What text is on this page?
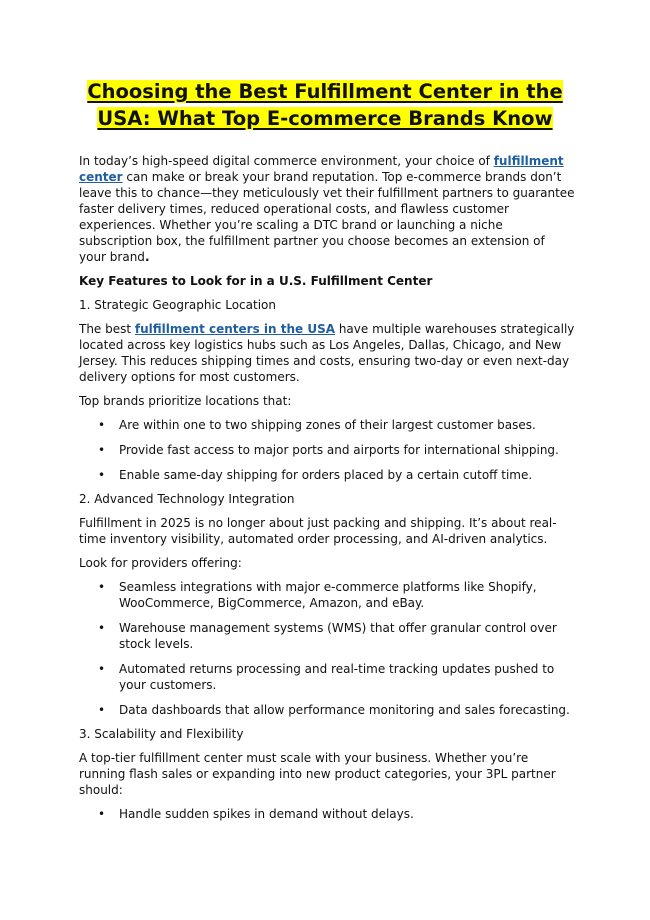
Choosing the Best Fulfillment Center in the USA: What Top E-commerce Brands Know

In today’s high-speed digital commerce environment, your choice of fulfillment center can make or break your brand reputation. Top e-commerce brands don’t leave this to chance—they meticulously vet their fulfillment partners to guarantee faster delivery times, reduced operational costs, and flawless customer experiences. Whether you’re scaling a DTC brand or launching a niche subscription box, the fulfillment partner you choose becomes an extension of your brand.

Key Features to Look for in a U.S. Fulfillment Center

1. Strategic Geographic Location

The best fulfillment centers in the USA have multiple warehouses strategically located across key logistics hubs such as Los Angeles, Dallas, Chicago, and New Jersey. This reduces shipping times and costs, ensuring two-day or even next-day delivery options for most customers.

Top brands prioritize locations that:

• Are within one to two shipping zones of their largest customer bases.
• Provide fast access to major ports and airports for international shipping.
• Enable same-day shipping for orders placed by a certain cutoff time.

2. Advanced Technology Integration

Fulfillment in 2025 is no longer about just packing and shipping. It’s about real-time inventory visibility, automated order processing, and AI-driven analytics.

Look for providers offering:

• Seamless integrations with major e-commerce platforms like Shopify, WooCommerce, BigCommerce, Amazon, and eBay.
• Warehouse management systems (WMS) that offer granular control over stock levels.
• Automated returns processing and real-time tracking updates pushed to your customers.
• Data dashboards that allow performance monitoring and sales forecasting.

3. Scalability and Flexibility

A top-tier fulfillment center must scale with your business. Whether you’re running flash sales or expanding into new product categories, your 3PL partner should:

• Handle sudden spikes in demand without delays.
